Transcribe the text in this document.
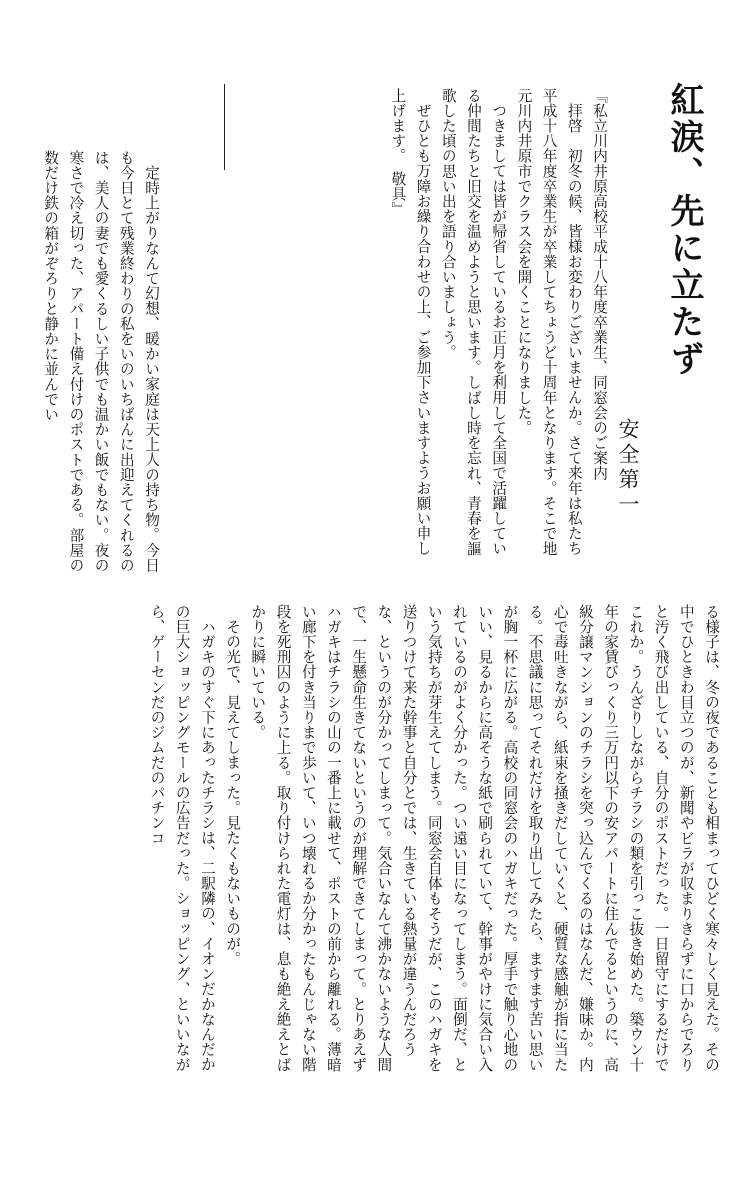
紅涙、先に立たず
安全第一

『私立川内井原高校平成十八年度卒業生、同窓会のご案内

拝啓　初冬の候、皆様お変わりございませんか。さて来年は私たち平成十八年度卒業生が卒業してちょうど十周年となります。そこで地元川内井原市でクラス会を開くことになりました。

つきましては皆が帰省しているお正月を利用して全国で活躍している仲間たちと旧交を温めようと思います。しばし時を忘れ、青春を謳歌した頃の思い出を語り合いましょう。

ぜひとも万障お繰り合わせの上、ご参加下さいますようお願い申し上げます。　敬具』

定時上がりなんて幻想、暖かい家庭は天上人の持ち物。今日も今日とて残業終わりの私をいのいちばんに出迎えてくれるのは、美人の妻でも愛くるしい子供でも温かい飯でもない。夜の寒さで冷え切った、アパート備え付けのポストである。部屋の数だけ鉄の箱がぞろりと静かに並んでい

る様子は、冬の夜であることも相まってひどく寒々しく見えた。その中でひときわ目立つのが、新聞やビラが収まりきらずに口からでろりと汚く飛び出している、自分のポストだった。一日留守にするだけでこれか。うんざりしながらチラシの類を引っこ抜き始めた。築ウン十年の家賃びっくり三万円以下の安アパートに住んでるというのに、高級分譲マンションのチラシを突っ込んでくるのはなんだ、嫌味か。内心で毒吐きながら、紙束を掻きだしていくと、硬質な感触が指に当たる。不思議に思ってそれだけを取り出してみたら、ますます苦い思いが胸一杯に広がる。高校の同窓会のハガキだった。厚手で触り心地のいい、見るからに高そうな紙で刷られていて、幹事がやけに気合い入れているのがよく分かった。つい遠い目になってしまう。面倒だ、という気持ちが芽生えてしまう。同窓会自体もそうだが、このハガキを送りつけて来た幹事と自分とでは、生きている熱量が違うんだろうな、というのが分かってしまって。気合いなんて沸かないような人間で、一生懸命生きてないというのが理解できてしまって。とりあえずハガキはチラシの山の一番上に載せて、ポストの前から離れる。薄暗い廊下を付き当りまで歩いて、いつ壊れるか分かったもんじゃない階段を死刑囚のように上る。取り付けられた電灯は、息も絶え絶えとばかりに瞬いている。

その光で、見えてしまった。見たくもないものが。

ハガキのすぐ下にあったチラシは、二駅隣の、イオンだかなんだかの巨大ショッピングモールの広告だった。ショッピング、といいながら、ゲーセンだのジムだのパチンコ
